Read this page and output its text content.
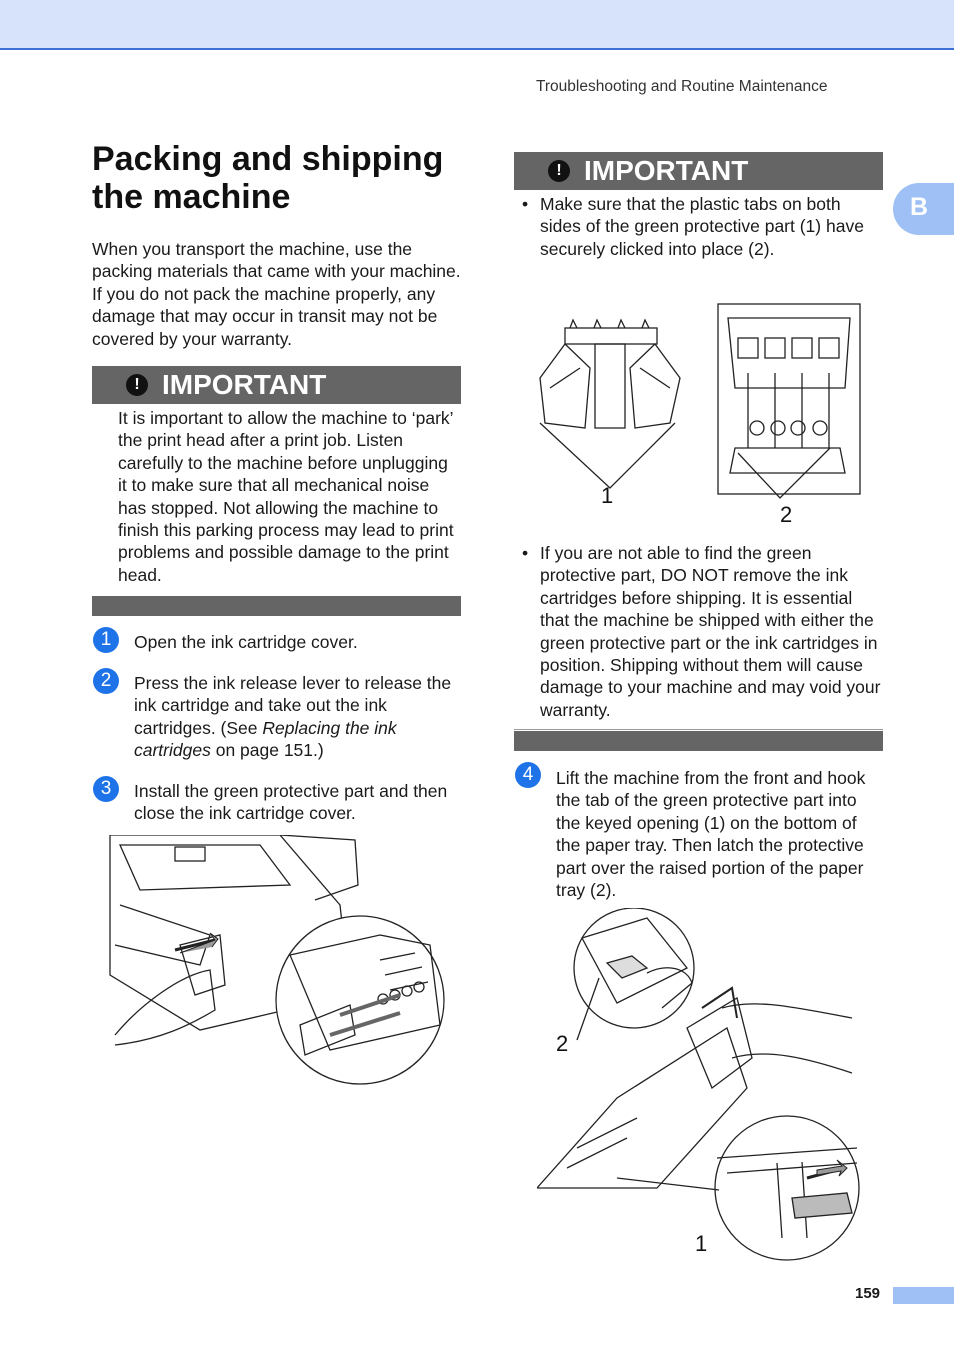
Troubleshooting and Routine Maintenance
B
Packing and shipping the machine

When you transport the machine, use the packing materials that came with your machine. If you do not pack the machine properly, any damage that may occur in transit may not be covered by your warranty.

! IMPORTANT

It is important to allow the machine to ‘park’ the print head after a print job. Listen carefully to the machine before unplugging it to make sure that all mechanical noise has stopped. Not allowing the machine to finish this parking process may lead to print problems and possible damage to the print head.

1	Open the ink cartridge cover.

2	Press the ink release lever to release the ink cartridge and take out the ink cartridges. (See Replacing the ink cartridges on page 151.)

3	Install the green protective part and then close the ink cartridge cover.

! IMPORTANT
• Make sure that the plastic tabs on both sides of the green protective part (1) have securely clicked into place (2).
1
2
• If you are not able to find the green protective part, DO NOT remove the ink cartridges before shipping. It is essential that the machine be shipped with either the green protective part or the ink cartridges in position. Shipping without them will cause damage to your machine and may void your warranty.
4	Lift the machine from the front and hook the tab of the green protective part into the keyed opening (1) on the bottom of the paper tray. Then latch the protective part over the raised portion of the paper tray (2).

2
1
159
